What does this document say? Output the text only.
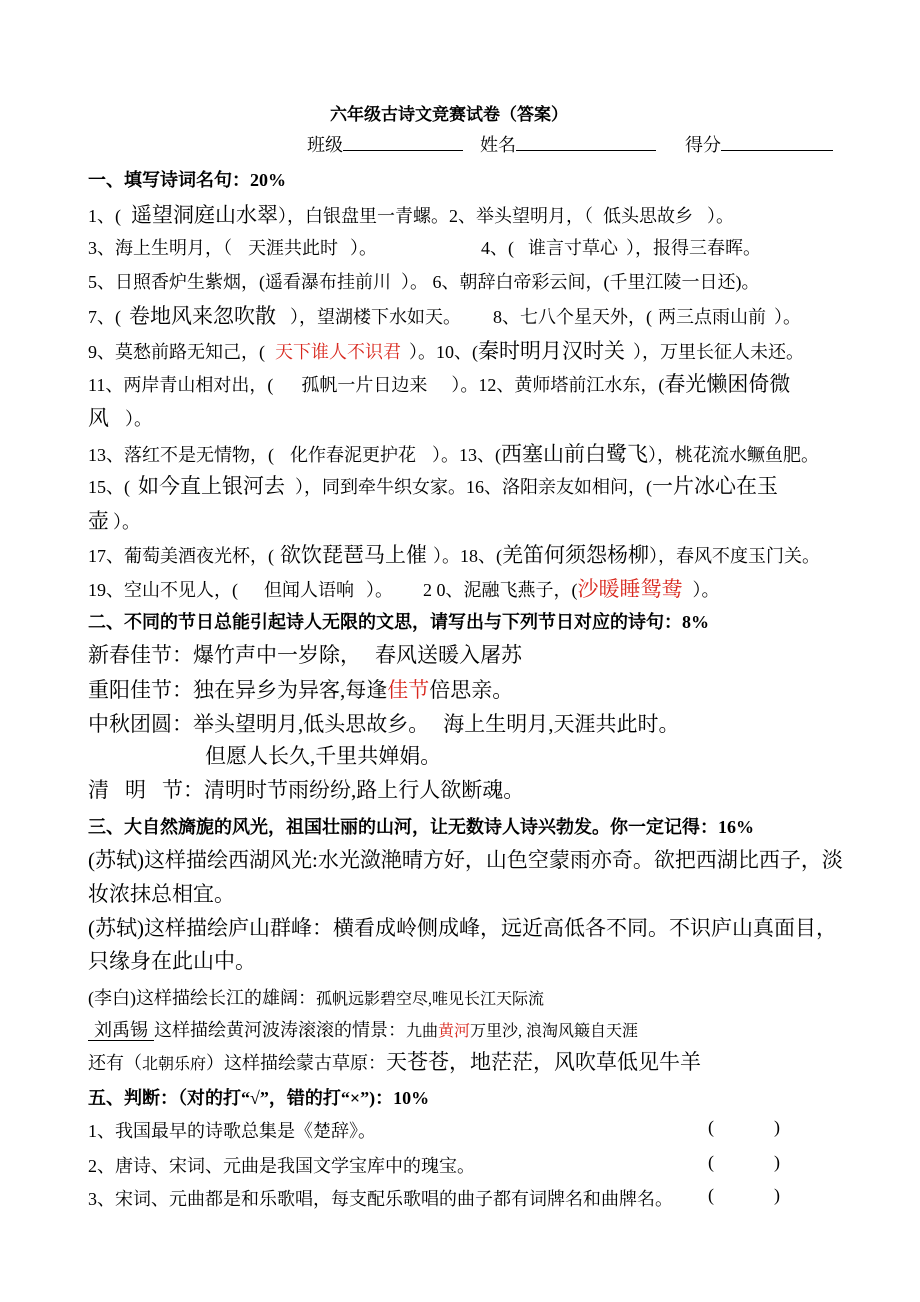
六年级古诗文竞赛试卷（答案）
班级	姓名	得分
一、填写诗词名句：20%
1、( 遥望洞庭山水翠），白银盘里一青螺。2、举头望明月，（ 低头思故乡 ）。
3、海上生明月，（ 天涯共此时 ）。	4、( 谁言寸草心 ），报得三春晖。
5、日照香炉生紫烟，(遥看瀑布挂前川 ）。 6、朝辞白帝彩云间，(千里江陵一日还)。
7、( 卷地风来忽吹散 ），望湖楼下水如天。 8、七八个星天外，( 两三点雨山前 ）。
9、莫愁前路无知己，( 天下谁人不识君 ）。10、(秦时明月汉时关 ），万里长征人未还。
11、两岸青山相对出，( 孤帆一片日边来 ）。12、黄师塔前江水东，(春光懒困倚微
风 ）。
13、落红不是无情物，( 化作春泥更护花 ）。13、(西塞山前白鹭飞），桃花流水鳜鱼肥。
15、( 如今直上银河去 ），同到牵牛织女家。16、洛阳亲友如相问，(一片冰心在玉
壶 ）。
17、葡萄美酒夜光杯，( 欲饮琵琶马上催 ）。18、(羌笛何须怨杨柳），春风不度玉门关。
19、空山不见人，( 但闻人语响 ）。 2 0、泥融飞燕子，(沙暖睡鸳鸯 ）。
二、不同的节日总能引起诗人无限的文思，请写出与下列节日对应的诗句：8%
新春佳节：爆竹声中一岁除， 春风送暖入屠苏
重阳佳节：独在异乡为异客,每逢佳节倍思亲。
中秋团圆：举头望明月,低头思故乡。 海上生明月,天涯共此时。
但愿人长久,千里共婵娟。
清 明 节：清明时节雨纷纷,路上行人欲断魂。
三、大自然旖旎的风光，祖国壮丽的山河，让无数诗人诗兴勃发。你一定记得：16%
(苏轼)这样描绘西湖风光:水光潋滟晴方好，山色空蒙雨亦奇。欲把西湖比西子，淡
妆浓抹总相宜。
(苏轼)这样描绘庐山群峰：横看成岭侧成峰，远近高低各不同。不识庐山真面目，
只缘身在此山中。
(李白)这样描绘长江的雄阔：孤帆远影碧空尽,唯见长江天际流
刘禹锡 这样描绘黄河波涛滚滚的情景：九曲黄河万里沙, 浪淘风簸自天涯
还有（北朝乐府）这样描绘蒙古草原：天苍苍，地茫茫，风吹草低见牛羊
五、判断：（对的打“√”，错的打“×”)：10%
1、我国最早的诗歌总集是《楚辞》。	(	)
2、唐诗、宋词、元曲是我国文学宝库中的瑰宝。	(	)
3、宋词、元曲都是和乐歌唱，每支配乐歌唱的曲子都有词牌名和曲牌名。 (	)
